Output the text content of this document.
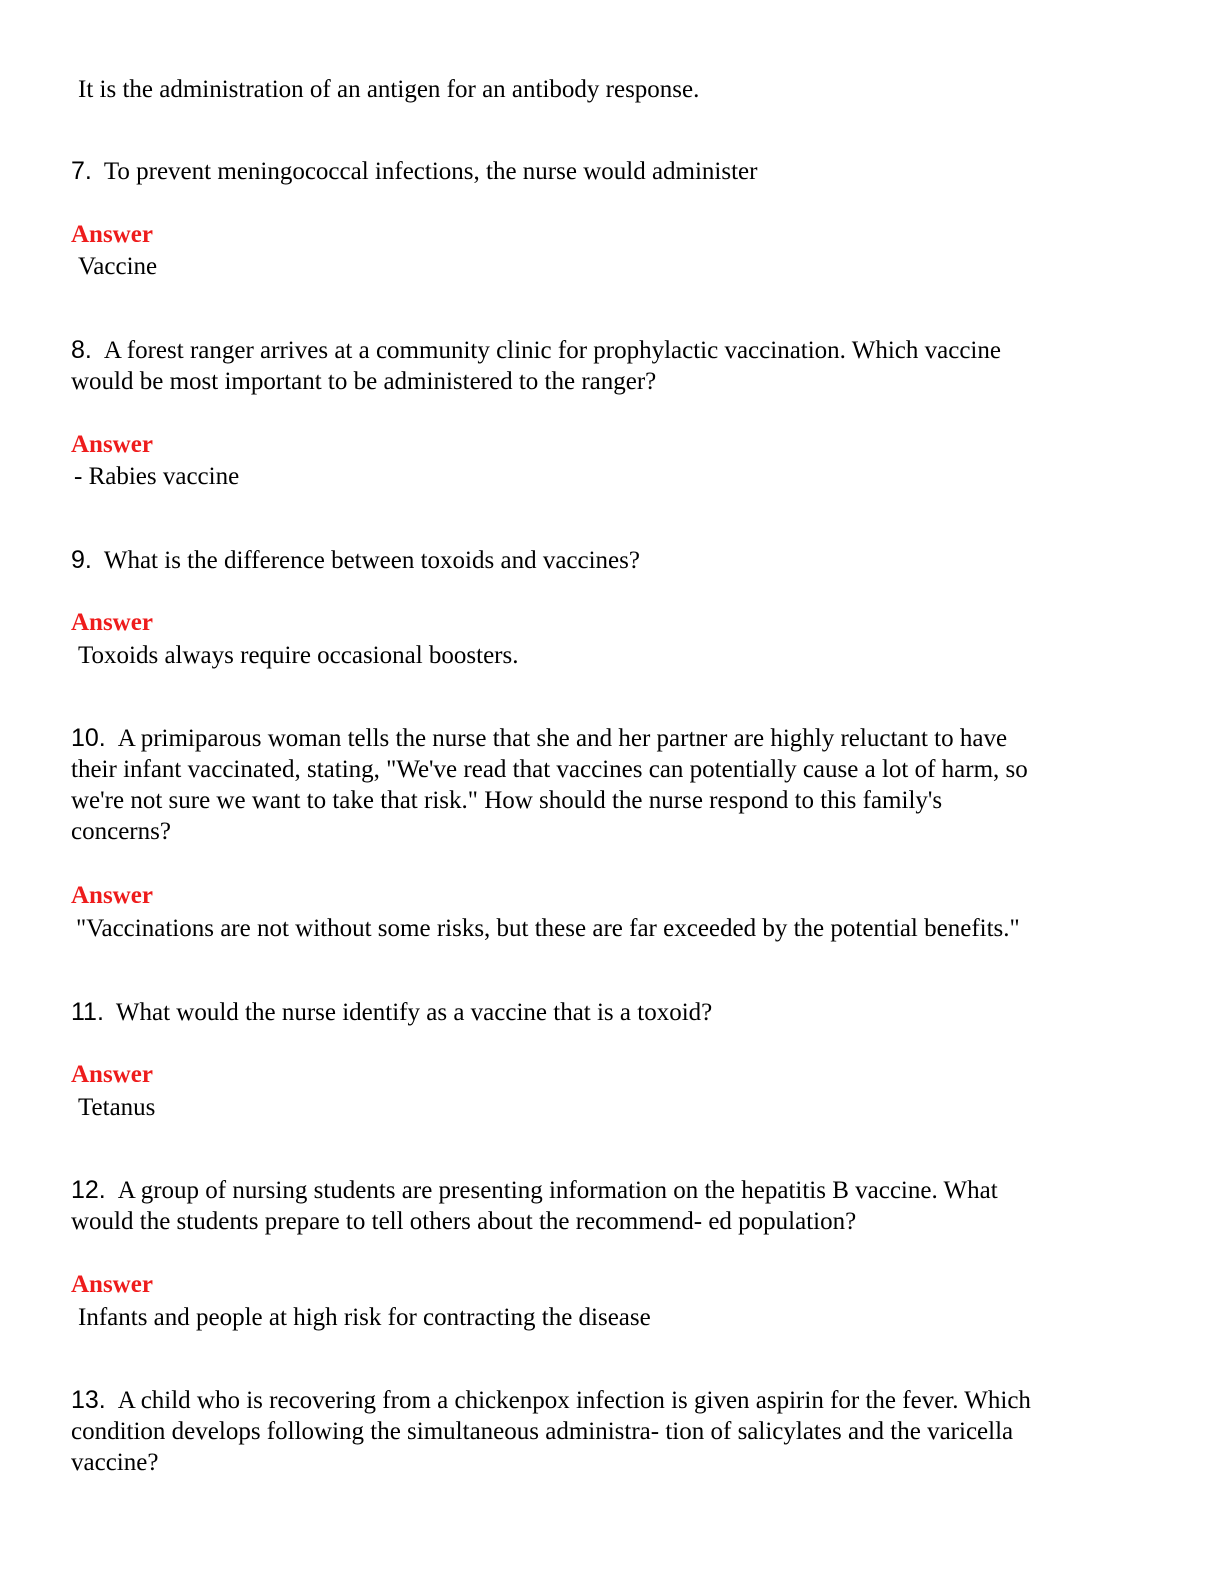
It is the administration of an antigen for an antibody response.
7. To prevent meningococcal infections, the nurse would administer
Answer
Vaccine
8. A forest ranger arrives at a community clinic for prophylactic vaccination. Which vaccine
would be most important to be administered to the ranger?
Answer
- Rabies vaccine
9. What is the difference between toxoids and vaccines?
Answer
Toxoids always require occasional boosters.
10. A primiparous woman tells the nurse that she and her partner are highly reluctant to have
their infant vaccinated, stating, "We've read that vaccines can potentially cause a lot of harm, so
we're not sure we want to take that risk." How should the nurse respond to this family's
concerns?
Answer
"Vaccinations are not without some risks, but these are far exceeded by the potential benefits."
11. What would the nurse identify as a vaccine that is a toxoid?
Answer
Tetanus
12. A group of nursing students are presenting information on the hepatitis B vaccine. What
would the students prepare to tell others about the recommend- ed population?
Answer
Infants and people at high risk for contracting the disease
13. A child who is recovering from a chickenpox infection is given aspirin for the fever. Which
condition develops following the simultaneous administra- tion of salicylates and the varicella
vaccine?
